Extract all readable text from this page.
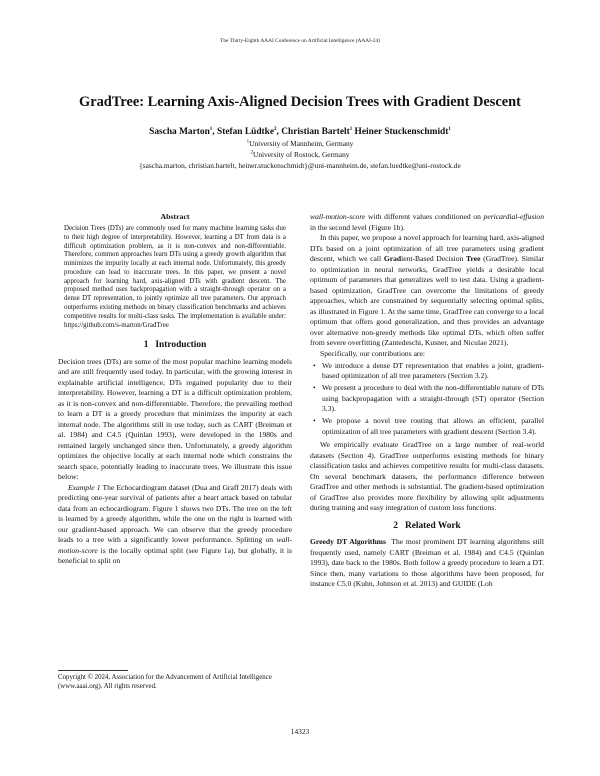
The Thirty-Eighth AAAI Conference on Artificial Intelligence (AAAI-24)
GradTree: Learning Axis-Aligned Decision Trees with Gradient Descent
Sascha Marton$^1$, Stefan Lüdtke$^2$, Christian Bartelt$^1$ Heiner Stuckenschmidt$^1$
$^1$University of Mannheim, Germany
$^2$University of Rostock, Germany
{sascha.marton, christian.bartelt, heiner.stuckenschmidt}@uni-mannheim.de, stefan.luedtke@uni-rostock.de
Abstract
Decision Trees (DTs) are commonly used for many machine learning tasks due to their high degree of interpretability. However, learning a DT from data is a difficult optimization problem, as it is non-convex and non-differentiable. Therefore, common approaches learn DTs using a greedy growth algorithm that minimizes the impurity locally at each internal node. Unfortunately, this greedy procedure can lead to inaccurate trees. In this paper, we present a novel approach for learning hard, axis-aligned DTs with gradient descent. The proposed method uses backpropagation with a straight-through operator on a dense DT representation, to jointly optimize all tree parameters. Our approach outperforms existing methods on binary classification benchmarks and achieves competitive results for multi-class tasks. The implementation is available under: https://github.com/s-marton/GradTree
1 Introduction

Decision trees (DTs) are some of the most popular machine learning models and are still frequently used today. In particular, with the growing interest in explainable artificial intelligence, DTs regained popularity due to their interpretability. However, learning a DT is a difficult optimization problem, as it is non-convex and non-differentiable. Therefore, the prevailing method to learn a DT is a greedy procedure that minimizes the impurity at each internal node. The algorithms still in use today, such as CART (Breiman et al. 1984) and C4.5 (Quinlan 1993), were developed in the 1980s and remained largely unchanged since then. Unfortunately, a greedy algorithm optimizes the objective locally at each internal node which constrains the search space, potentially leading to inaccurate trees. We illustrate this issue below:

Example 1 The Echocardiogram dataset (Dua and Graff 2017) deals with predicting one-year survival of patients after a heart attack based on tabular data from an echocardiogram. Figure 1 shows two DTs. The tree on the left is learned by a greedy algorithm, while the one on the right is learned with our gradient-based approach. We can observe that the greedy procedure leads to a tree with a significantly lower performance. Splitting on wall-motion-score is the locally optimal split (see Figure 1a), but globally, it is beneficial to split on

wall-motion-score with different values conditioned on pericardial-effusion in the second level (Figure 1b).

In this paper, we propose a novel approach for learning hard, axis-aligned DTs based on a joint optimization of all tree parameters using gradient descent, which we call Gradient-Based Decision Tree (GradTree). Similar to optimization in neural networks, GradTree yields a desirable local optimum of parameters that generalizes well to test data. Using a gradient-based optimization, GradTree can overcome the limitations of greedy approaches, which are constrained by sequentially selecting optimal splits, as illustrated in Figure 1. At the same time, GradTree can converge to a local optimum that offers good generalization, and thus provides an advantage over alternative non-greedy methods like optimal DTs, which often suffer from severe overfitting (Zantedeschi, Kusner, and Niculae 2021).

Specifically, our contributions are:

• We introduce a dense DT representation that enables a joint, gradient-based optimization of all tree parameters (Section 3.2).
• We present a procedure to deal with the non-differentiable nature of DTs using backpropagation with a straight-through (ST) operator (Section 3.3).
• We propose a novel tree routing that allows an efficient, parallel optimization of all tree parameters with gradient descent (Section 3.4).

We empirically evaluate GradTree on a large number of real-world datasets (Section 4). GradTree outperforms existing methods for binary classification tasks and achieves competitive results for multi-class datasets. On several benchmark datasets, the performance difference between GradTree and other methods is substantial. The gradient-based optimization of GradTree also provides more flexibility by allowing split adjustments during training and easy integration of custom loss functions.

2 Related Work

Greedy DT Algorithms The most prominent DT learning algorithms still frequently used, namely CART (Breiman et al. 1984) and C4.5 (Quinlan 1993), date back to the 1980s. Both follow a greedy procedure to learn a DT. Since then, many variations to those algorithms have been proposed, for instance C5.0 (Kuhn, Johnson et al. 2013) and GUIDE (Loh

Copyright © 2024, Association for the Advancement of Artificial Intelligence (www.aaai.org). All rights reserved.
14323
